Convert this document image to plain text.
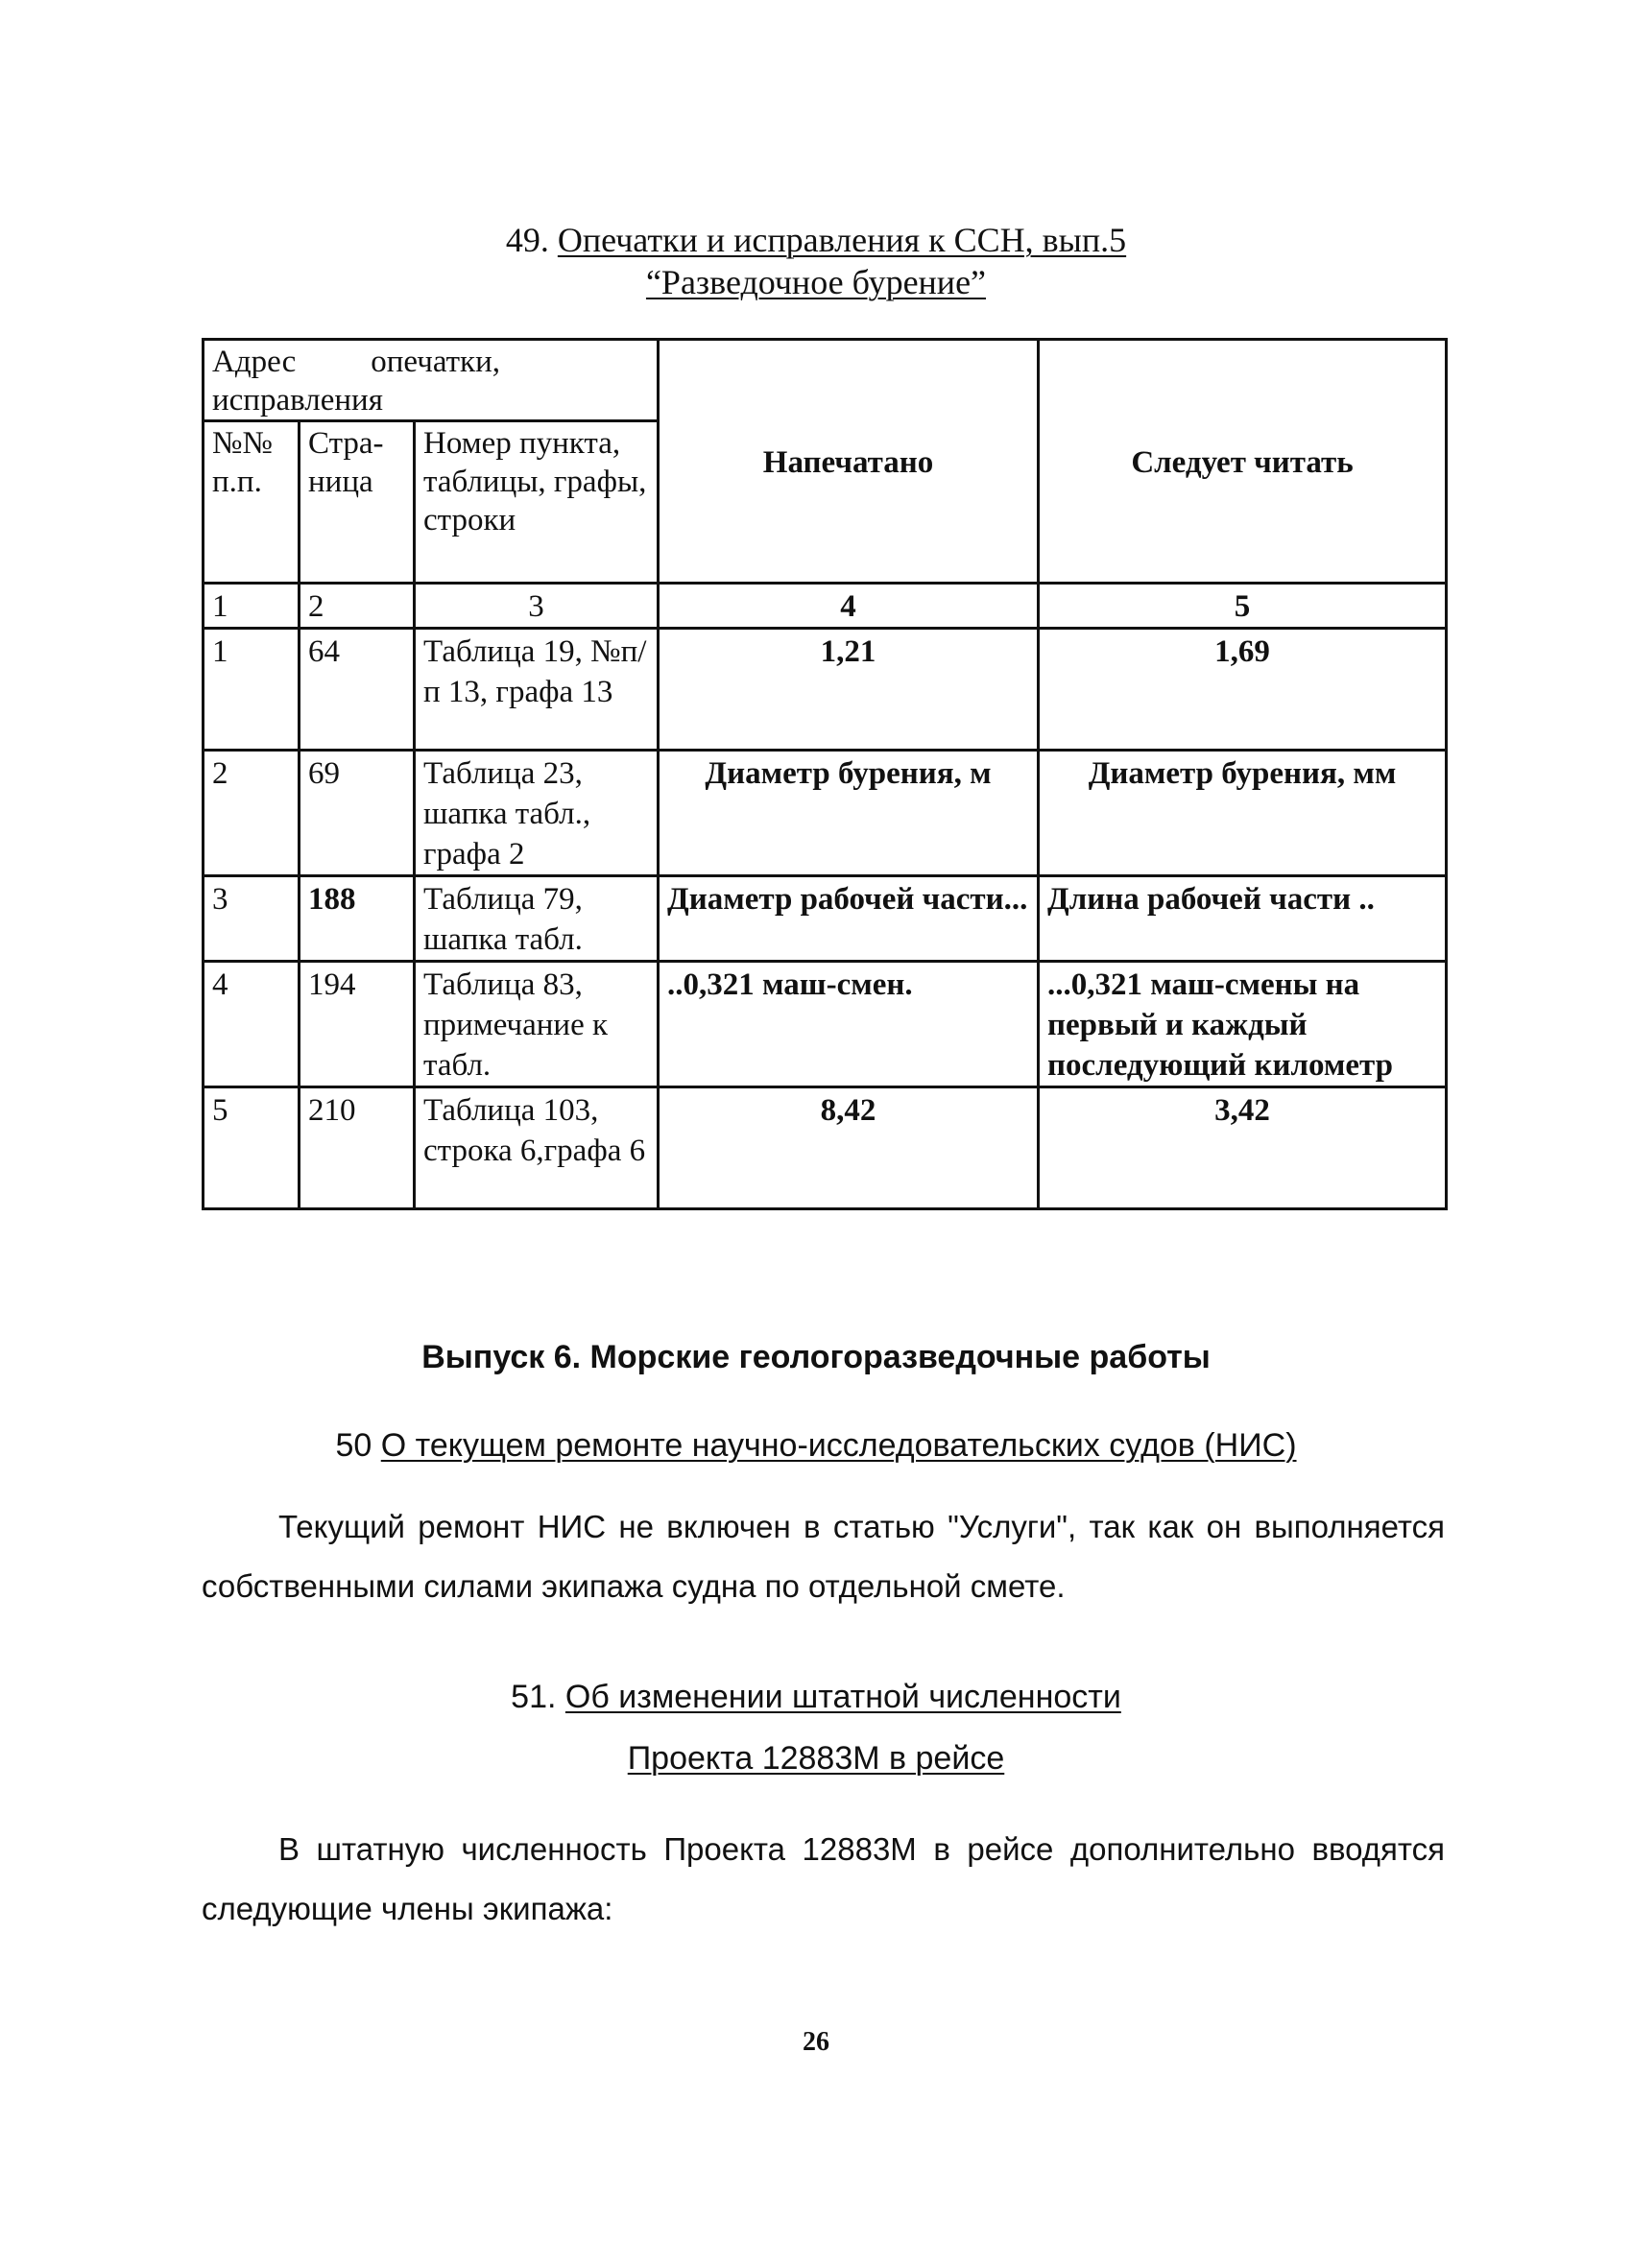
49. Опечатки и исправления к ССН, вып.5
“Разведочное бурение”
Адрес опечатки, исправления			Напечатано	Следует читать
№№ п.п.	Стра- ница	Номер пункта, таблицы, графы, строки		
1	2	3	4	5
1	64	Таблица 19, №п/п 13, графа 13	1,21	1,69
2	69	Таблица 23, шапка табл., графа 2	Диаметр бурения, м	Диаметр бурения, мм
3	188	Таблица 79, шапка табл.	Диаметр рабочей части...	Длина рабочей части ..
4	194	Таблица 83, примечание к табл.	..0,321 маш-смен.	...0,321 маш-смены на первый и каждый последующий километр
5	210	Таблица 103, строка 6,графа 6	8,42	3,42
Выпуск 6. Морские геологоразведочные работы
50 О текущем ремонте научно-исследовательских судов (НИС)
Текущий ремонт НИС не включен в статью "Услуги", так как он выполняется собственными силами экипажа судна по отдельной смете.
51. Об изменении штатной численности
Проекта 12883М в рейсе
В штатную численность Проекта 12883М в рейсе дополнительно вводятся следующие члены экипажа:
26
